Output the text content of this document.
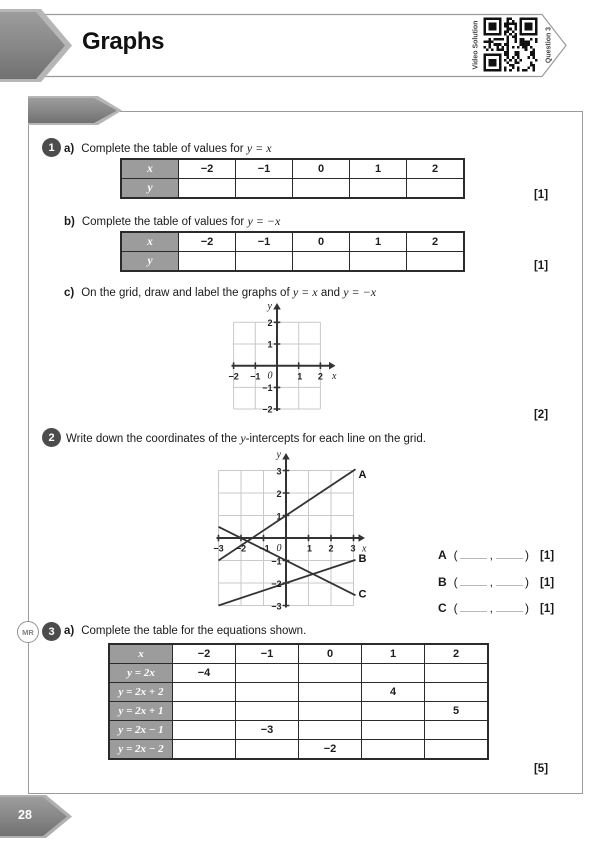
Graphs	Video Solution	Question 3
1 a) Complete the table of values for y = x
x	−2	−1	0	1	2
y					
[1]
b) Complete the table of values for y = −x
x	−2	−1	0	1	2
y						[1]
c) On the grid, draw and label the graphs of y = x and y = −x
−2 −1	1 2
2
1
−1
−2
0	x
y
[2]
2 Write down the coordinates of the y-intercepts for each line on the grid.
−3 −2 −1	1 2 3
3
2
1
−1
−2
−3
0	x
y
A
B
C
A (	,	) [1]
B (	,	) [1]
C (	,	) [1]
MR 3 a) Complete the table for the equations shown.
x	−2	−1	0	1	2
y = 2x	−4				
y = 2x + 2				4	
y = 2x + 1					5
y = 2x − 1		−3			
y = 2x − 2			−2		
[5]
28
